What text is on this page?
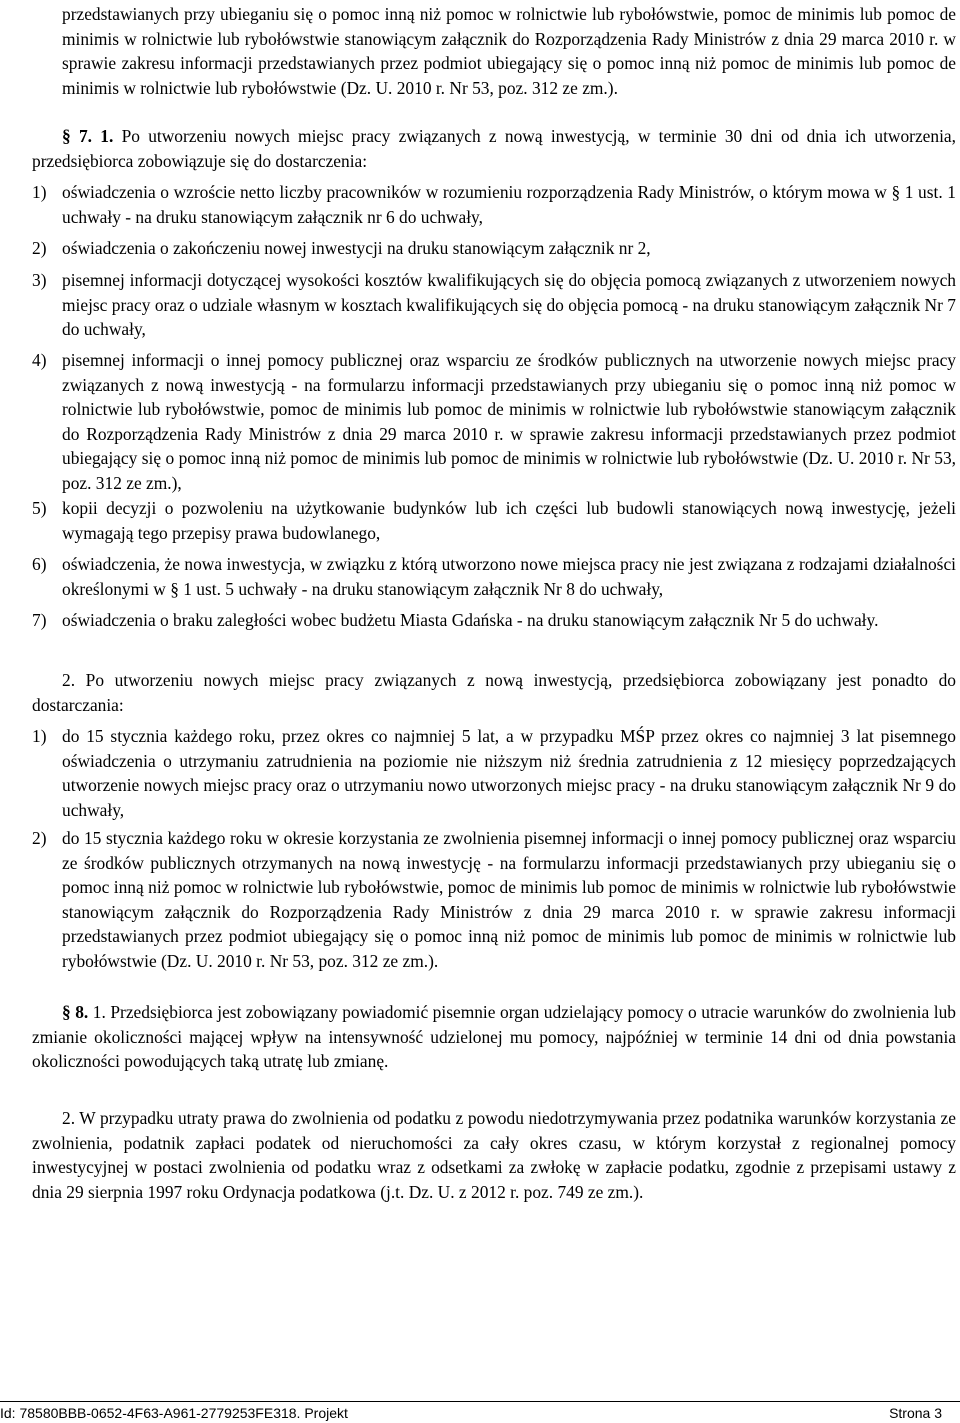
przedstawianych przy ubieganiu się o pomoc inną niż pomoc w rolnictwie lub rybołówstwie, pomoc de minimis lub pomoc de minimis w rolnictwie lub rybołówstwie stanowiącym załącznik do Rozporządzenia Rady Ministrów z dnia 29 marca 2010 r. w sprawie zakresu informacji przedstawianych przez podmiot ubiegający się o pomoc inną niż pomoc de minimis lub pomoc de minimis w rolnictwie lub rybołówstwie (Dz. U. 2010 r. Nr 53, poz. 312 ze zm.).

§ 7. 1. Po utworzeniu nowych miejsc pracy związanych z nową inwestycją, w terminie 30 dni od dnia ich utworzenia, przedsiębiorca zobowiązuje się do dostarczenia:

1) oświadczenia o wzroście netto liczby pracowników w rozumieniu rozporządzenia Rady Ministrów, o którym mowa w § 1 ust. 1 uchwały - na druku stanowiącym załącznik nr 6 do uchwały,

2) oświadczenia o zakończeniu nowej inwestycji na druku stanowiącym załącznik nr 2,

3) pisemnej informacji dotyczącej wysokości kosztów kwalifikujących się do objęcia pomocą związanych z utworzeniem nowych miejsc pracy oraz o udziale własnym w kosztach kwalifikujących się do objęcia pomocą - na druku stanowiącym załącznik Nr 7 do uchwały,

4) pisemnej informacji o innej pomocy publicznej oraz wsparciu ze środków publicznych na utworzenie nowych miejsc pracy związanych z nową inwestycją - na formularzu informacji przedstawianych przy ubieganiu się o pomoc inną niż pomoc w rolnictwie lub rybołówstwie, pomoc de minimis lub pomoc de minimis w rolnictwie lub rybołówstwie stanowiącym załącznik do Rozporządzenia Rady Ministrów z dnia 29 marca 2010 r. w sprawie zakresu informacji przedstawianych przez podmiot ubiegający się o pomoc inną niż pomoc de minimis lub pomoc de minimis w rolnictwie lub rybołówstwie (Dz. U. 2010 r. Nr 53, poz. 312 ze zm.),

5) kopii decyzji o pozwoleniu na użytkowanie budynków lub ich części lub budowli stanowiących nową inwestycję, jeżeli wymagają tego przepisy prawa budowlanego,

6) oświadczenia, że nowa inwestycja, w związku z którą utworzono nowe miejsca pracy nie jest związana z rodzajami działalności określonymi w § 1 ust. 5 uchwały - na druku stanowiącym załącznik Nr 8 do uchwały,

7) oświadczenia o braku zaległości wobec budżetu Miasta Gdańska - na druku stanowiącym załącznik Nr 5 do uchwały.

2. Po utworzeniu nowych miejsc pracy związanych z nową inwestycją, przedsiębiorca zobowiązany jest ponadto do dostarczania:

1) do 15 stycznia każdego roku, przez okres co najmniej 5 lat, a w przypadku MŚP przez okres co najmniej 3 lat pisemnego oświadczenia o utrzymaniu zatrudnienia na poziomie nie niższym niż średnia zatrudnienia z 12 miesięcy poprzedzających utworzenie nowych miejsc pracy oraz o utrzymaniu nowo utworzonych miejsc pracy - na druku stanowiącym załącznik Nr 9 do uchwały,

2) do 15 stycznia każdego roku w okresie korzystania ze zwolnienia pisemnej informacji o innej pomocy publicznej oraz wsparciu ze środków publicznych otrzymanych na nową inwestycję - na formularzu informacji przedstawianych przy ubieganiu się o pomoc inną niż pomoc w rolnictwie lub rybołówstwie, pomoc de minimis lub pomoc de minimis w rolnictwie lub rybołówstwie stanowiącym załącznik do Rozporządzenia Rady Ministrów z dnia 29 marca 2010 r. w sprawie zakresu informacji przedstawianych przez podmiot ubiegający się o pomoc inną niż pomoc de minimis lub pomoc de minimis w rolnictwie lub rybołówstwie (Dz. U. 2010 r. Nr 53, poz. 312 ze zm.).

§ 8. 1. Przedsiębiorca jest zobowiązany powiadomić pisemnie organ udzielający pomocy o utracie warunków do zwolnienia lub zmianie okoliczności mającej wpływ na intensywność udzielonej mu pomocy, najpóźniej w terminie 14 dni od dnia powstania okoliczności powodujących taką utratę lub zmianę.

2. W przypadku utraty prawa do zwolnienia od podatku z powodu niedotrzymywania przez podatnika warunków korzystania ze zwolnienia, podatnik zapłaci podatek od nieruchomości za cały okres czasu, w którym korzystał z regionalnej pomocy inwestycyjnej w postaci zwolnienia od podatku wraz z odsetkami za zwłokę w zapłacie podatku, zgodnie z przepisami ustawy z dnia 29 sierpnia 1997 roku Ordynacja podatkowa (j.t. Dz. U. z 2012 r. poz. 749 ze zm.).

Id: 78580BBB-0652-4F63-A961-2779253FE318. Projekt	Strona 3
